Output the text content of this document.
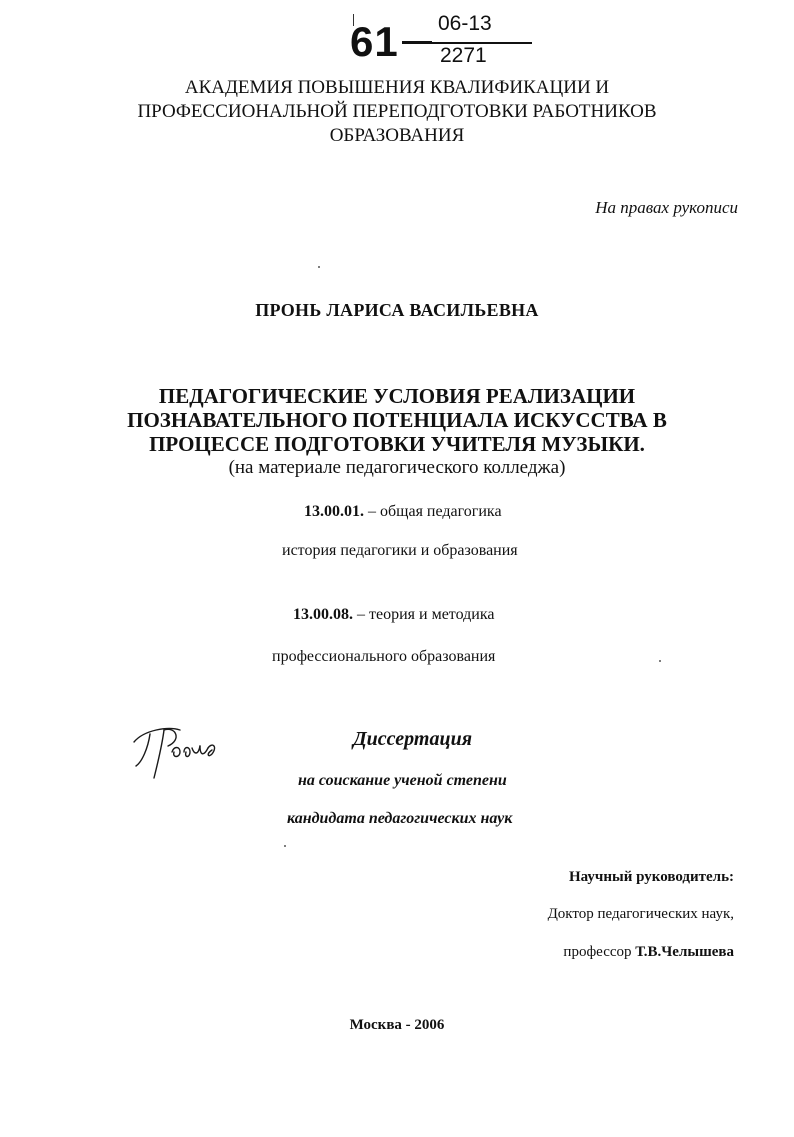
61 06-13
2271
АКАДЕМИЯ ПОВЫШЕНИЯ КВАЛИФИКАЦИИ И
ПРОФЕССИОНАЛЬНОЙ ПЕРЕПОДГОТОВКИ РАБОТНИКОВ
ОБРАЗОВАНИЯ
На правах рукописи
ПРОНЬ ЛАРИСА ВАСИЛЬЕВНА
ПЕДАГОГИЧЕСКИЕ УСЛОВИЯ РЕАЛИЗАЦИИ
ПОЗНАВАТЕЛЬНОГО ПОТЕНЦИАЛА ИСКУССТВА В
ПРОЦЕССЕ ПОДГОТОВКИ УЧИТЕЛЯ МУЗЫКИ.
(на материале педагогического колледжа)
13.00.01. – общая педагогика
история педагогики и образования
13.00.08. – теория и методика
профессионального образования
Диссертация
на соискание ученой степени
кандидата педагогических наук
Научный руководитель:
Доктор педагогических наук,
профессор Т.В.Челышева
Москва - 2006
